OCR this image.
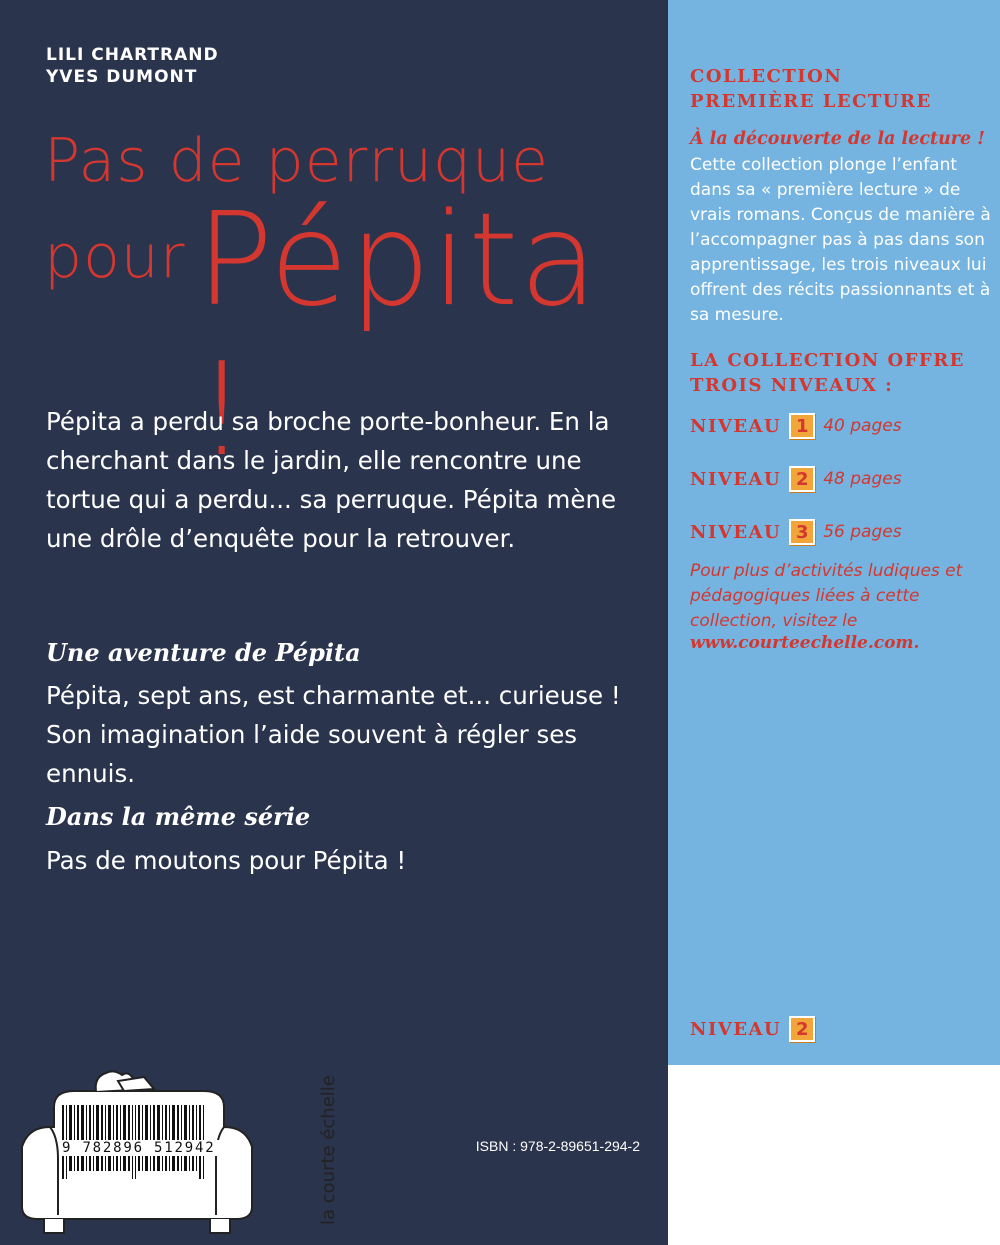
LILI CHARTRAND
YVES DUMONT
Pas de perruque
pour Pépita !

Pépita a perdu sa broche porte-bonheur. En la cherchant dans le jardin, elle rencontre une tortue qui a perdu... sa perruque. Pépita mène une drôle d’enquête pour la retrouver.

Une aventure de Pépita

Pépita, sept ans, est charmante et... curieuse ! Son imagination l’aide souvent à régler ses ennuis.

Dans la même série

Pas de moutons pour Pépita !

ISBN : 978-2-89651-294-2
COLLECTION
PREMIÈRE LECTURE
À la découverte de la lecture !

Cette collection plonge l’enfant dans sa « première lecture » de vrais romans. Conçus de manière à l’accompagner pas à pas dans son apprentissage, les trois niveaux lui offrent des récits passionnants et à sa mesure.

LA COLLECTION OFFRE
TROIS NIVEAUX :
NIVEAU 1 40 pages
NIVEAU 2 48 pages
NIVEAU 3 56 pages

Pour plus d’activités ludiques et pédagogiques liées à cette collection, visitez le

www.courteechelle.com.
NIVEAU 2
9 782896 512942	la courte échelle
